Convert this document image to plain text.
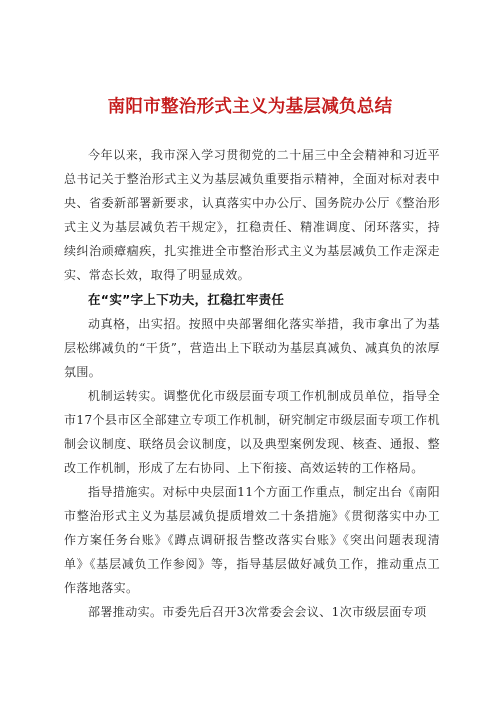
南阳市整治形式主义为基层减负总结

今年以来，我市深入学习贯彻党的二十届三中全会精神和习近平总书记关于整治形式主义为基层减负重要指示精神，全面对标对表中央、省委新部署新要求，认真落实中办公厅、国务院办公厅《整治形式主义为基层减负若干规定》，扛稳责任、精准调度、闭环落实，持续纠治顽瘴痼疾，扎实推进全市整治形式主义为基层减负工作走深走实、常态长效，取得了明显成效。

在“实”字上下功夫，扛稳扛牢责任

动真格，出实招。按照中央部署细化落实举措，我市拿出了为基层松绑减负的“干货”，营造出上下联动为基层真减负、减真负的浓厚氛围。

机制运转实。调整优化市级层面专项工作机制成员单位，指导全市17个县市区全部建立专项工作机制，研究制定市级层面专项工作机制会议制度、联络员会议制度，以及典型案例发现、核查、通报、整改工作机制，形成了左右协同、上下衔接、高效运转的工作格局。

指导措施实。对标中央层面11个方面工作重点，制定出台《南阳市整治形式主义为基层减负提质增效二十条措施》《贯彻落实中办工作方案任务台账》《蹲点调研报告整改落实台账》《突出问题表现清单》《基层减负工作参阅》等，指导基层做好减负工作，推动重点工作落地落实。

部署推动实。市委先后召开3次常委会会议、1次市级层面专项
